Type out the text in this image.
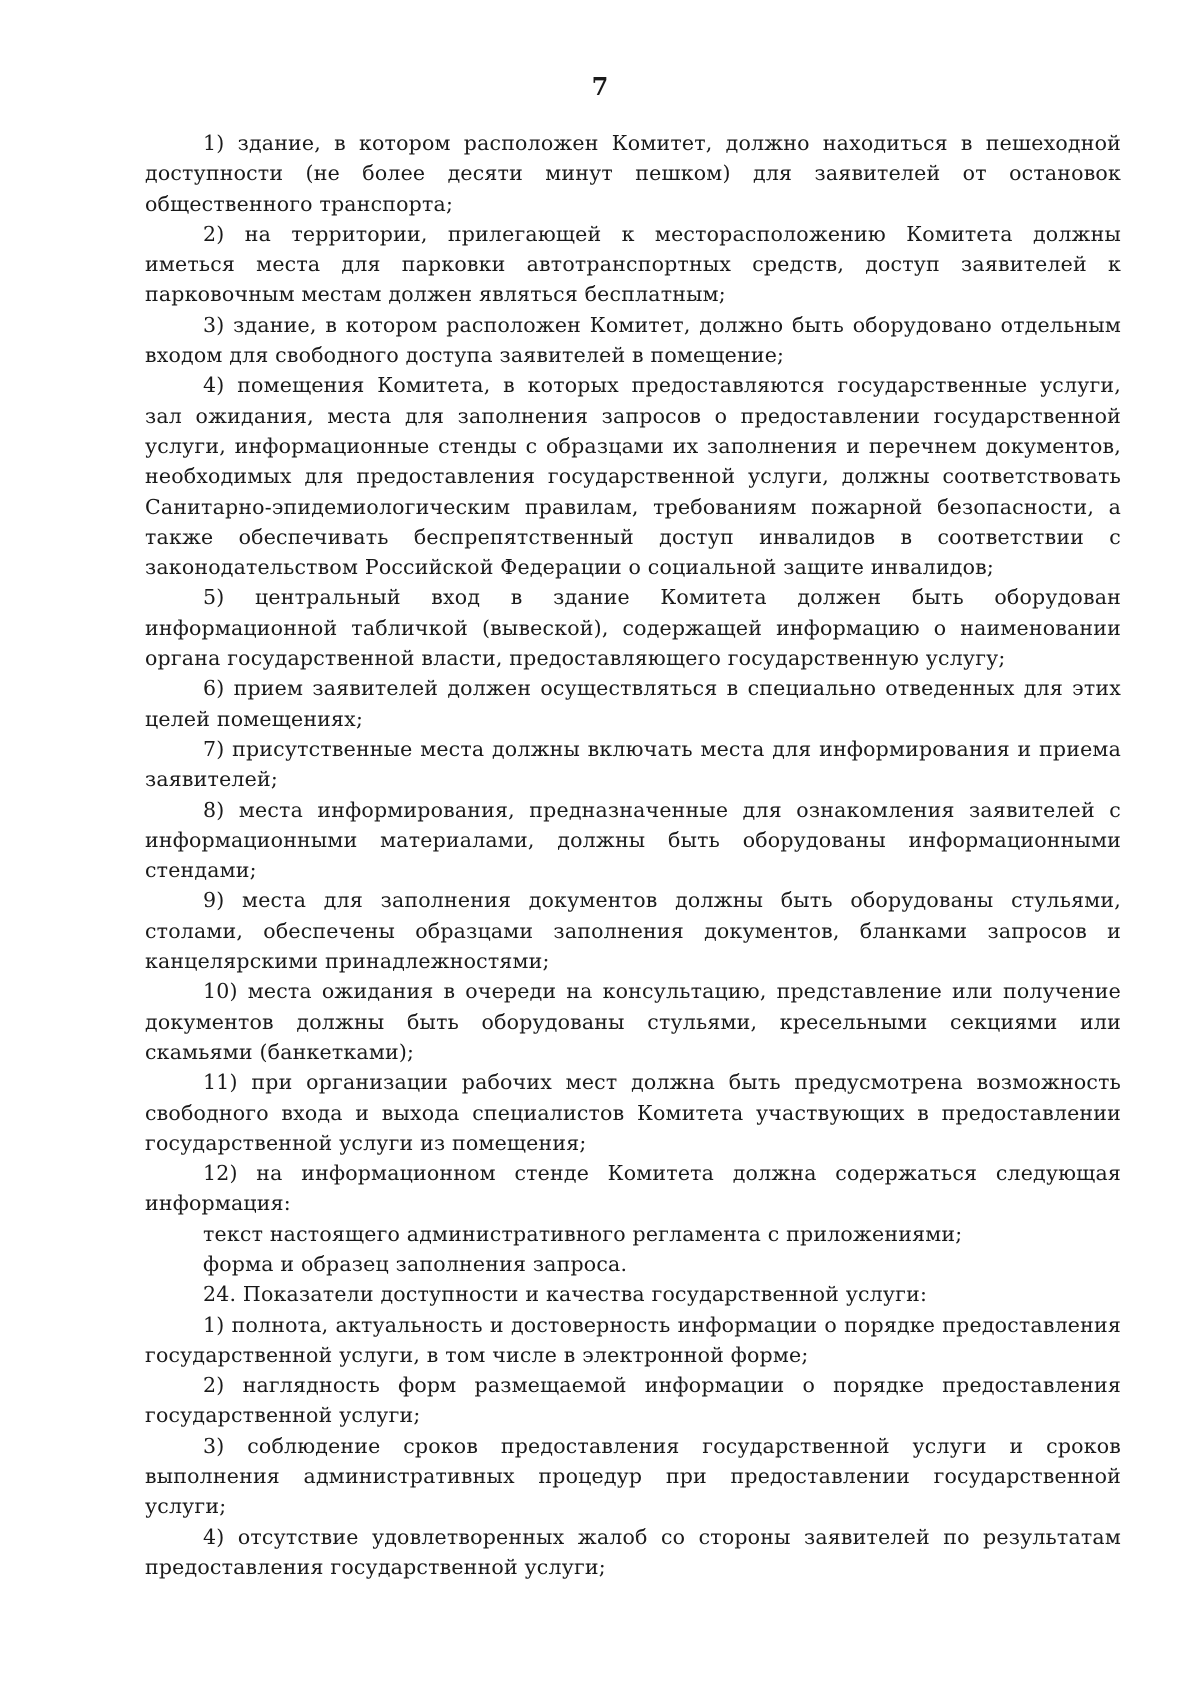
7

1) здание, в котором расположен Комитет, должно находиться в пешеходной доступности (не более десяти минут пешком) для заявителей от остановок общественного транспорта;

2) на территории, прилегающей к месторасположению Комитета должны иметься места для парковки автотранспортных средств, доступ заявителей к парковочным местам должен являться бесплатным;

3) здание, в котором расположен Комитет, должно быть оборудовано отдельным входом для свободного доступа заявителей в помещение;

4) помещения Комитета, в которых предоставляются государственные услуги, зал ожидания, места для заполнения запросов о предоставлении государственной услуги, информационные стенды с образцами их заполнения и перечнем документов, необходимых для предоставления государственной услуги, должны соответствовать Санитарно-эпидемиологическим правилам, требованиям пожарной безопасности, а также обеспечивать беспрепятственный доступ инвалидов в соответствии с законодательством Российской Федерации о социальной защите инвалидов;

5) центральный вход в здание Комитета должен быть оборудован информационной табличкой (вывеской), содержащей информацию о наименовании органа государственной власти, предоставляющего государственную услугу;

6) прием заявителей должен осуществляться в специально отведенных для этих целей помещениях;

7) присутственные места должны включать места для информирования и приема заявителей;

8) места информирования, предназначенные для ознакомления заявителей с информационными материалами, должны быть оборудованы информационными стендами;

9) места для заполнения документов должны быть оборудованы стульями, столами, обеспечены образцами заполнения документов, бланками запросов и канцелярскими принадлежностями;

10) места ожидания в очереди на консультацию, представление или получение документов должны быть оборудованы стульями, кресельными секциями или скамьями (банкетками);

11) при организации рабочих мест должна быть предусмотрена возможность свободного входа и выхода специалистов Комитета участвующих в предоставлении государственной услуги из помещения;

12) на информационном стенде Комитета должна содержаться следующая информация:

текст настоящего административного регламента с приложениями;

форма и образец заполнения запроса.

24. Показатели доступности и качества государственной услуги:

1) полнота, актуальность и достоверность информации о порядке предоставления государственной услуги, в том числе в электронной форме;

2) наглядность форм размещаемой информации о порядке предоставления государственной услуги;

3) соблюдение сроков предоставления государственной услуги и сроков выполнения административных процедур при предоставлении государственной услуги;

4) отсутствие удовлетворенных жалоб со стороны заявителей по результатам предоставления государственной услуги;
